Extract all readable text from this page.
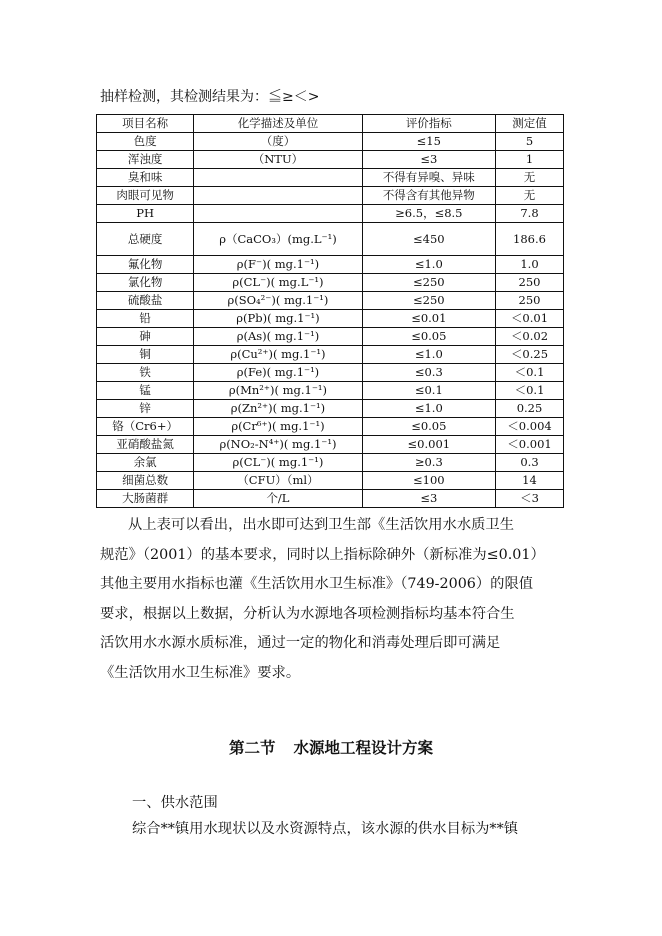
抽样检测，其检测结果为：≦≥＜>
项目名称	化学描述及单位	评价指标	测定值
色度	（度）	≤15	5
浑浊度	（NTU）	≤3	1
臭和味		不得有异嗅、异味	无
肉眼可见物		不得含有其他异物	无
PH		≥6.5，≤8.5	7.8
总硬度	ρ（CaCO₃）(mg.L⁻¹)	≤450	186.6
氟化物	ρ(F⁻)( mg.1⁻¹)	≤1.0	1.0
氯化物	ρ(CL⁻)( mg.L⁻¹)	≤250	250
硫酸盐	ρ(SO₄²⁻)( mg.1⁻¹)	≤250	250
铅	ρ(Pb)( mg.1⁻¹)	≤0.01	＜0.01
砷	ρ(As)( mg.1⁻¹)	≤0.05	＜0.02
铜	ρ(Cu²⁺)( mg.1⁻¹)	≤1.0	＜0.25
铁	ρ(Fe)( mg.1⁻¹)	≤0.3	＜0.1
锰	ρ(Mn²⁺)( mg.1⁻¹)	≤0.1	＜0.1
锌	ρ(Zn²⁺)( mg.1⁻¹)	≤1.0	0.25
铬（Cr6+）	ρ(Cr⁶⁺)( mg.1⁻¹)	≤0.05	＜0.004
亚硝酸盐氮	ρ(NO₂-N⁴⁺)( mg.1⁻¹)	≤0.001	＜0.001
余氯	ρ(CL⁻)( mg.1⁻¹)	≥0.3	0.3
细菌总数	（CFU）（ml）	≤100	14
大肠菌群	个/L	≤3	＜3
从上表可以看出，出水即可达到卫生部《生活饮用水水质卫生
规范》（2001）的基本要求，同时以上指标除砷外（新标准为≤0.01）
其他主要用水指标也灌《生活饮用水卫生标准》（749-2006）的限值
要求，根据以上数据，分析认为水源地各项检测指标均基本符合生
活饮用水水源水质标准，通过一定的物化和消毒处理后即可满足
《生活饮用水卫生标准》要求。
第二节 水源地工程设计方案
一、供水范围
综合**镇用水现状以及水资源特点，该水源的供水目标为**镇
